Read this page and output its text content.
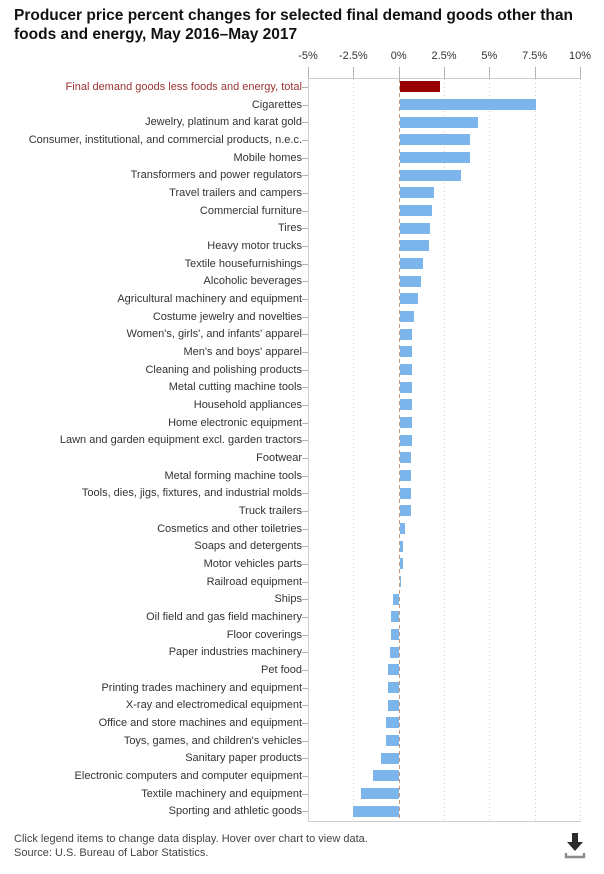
Producer price percent changes for selected final demand goods other than foods and energy, May 2016–May 2017
Click legend items to change data display. Hover over chart to view data.
Source: U.S. Bureau of Labor Statistics.
-5%	-2.5%	0%	2.5%	5%	7.5%	10%
Final demand goods less foods and energy, total
Cigarettes
Jewelry, platinum and karat gold
Consumer, institutional, and commercial products, n.e.c.
Mobile homes
Transformers and power regulators
Travel trailers and campers
Commercial furniture
Tires
Heavy motor trucks
Textile housefurnishings
Alcoholic beverages
Agricultural machinery and equipment
Costume jewelry and novelties
Women's, girls', and infants' apparel
Men's and boys' apparel
Cleaning and polishing products
Metal cutting machine tools
Household appliances
Home electronic equipment
Lawn and garden equipment excl. garden tractors
Footwear
Metal forming machine tools
Tools, dies, jigs, fixtures, and industrial molds
Truck trailers
Cosmetics and other toiletries
Soaps and detergents
Motor vehicles parts
Railroad equipment
Ships
Oil field and gas field machinery
Floor coverings
Paper industries machinery
Pet food
Printing trades machinery and equipment
X-ray and electromedical equipment
Office and store machines and equipment
Toys, games, and children's vehicles
Sanitary paper products
Electronic computers and computer equipment
Textile machinery and equipment
Sporting and athletic goods
